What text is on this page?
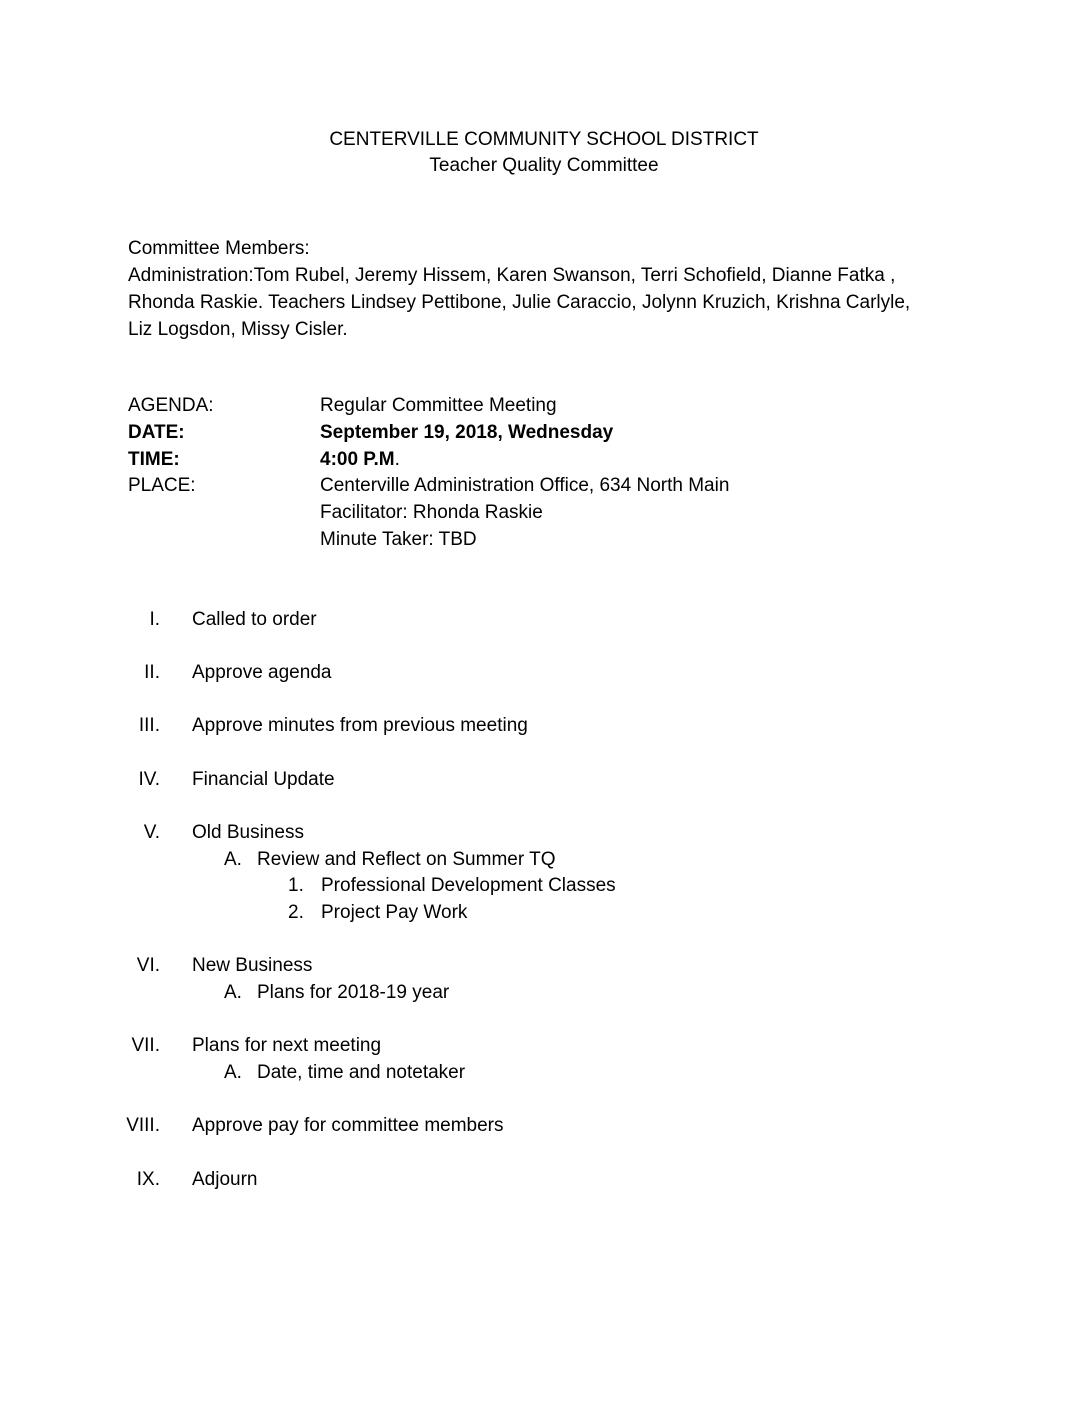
CENTERVILLE COMMUNITY SCHOOL DISTRICT
Teacher Quality Committee
Committee Members:
Administration:Tom Rubel, Jeremy Hissem, Karen Swanson, Terri Schofield, Dianne Fatka ,
Rhonda Raskie. Teachers Lindsey Pettibone, Julie Caraccio, Jolynn Kruzich, Krishna Carlyle,
Liz Logsdon, Missy Cisler.
AGENDA:	Regular Committee Meeting
DATE:	September 19, 2018, Wednesday
TIME:	4:00 P.M.
PLACE:	Centerville Administration Office, 634 North Main
Facilitator: Rhonda Raskie
Minute Taker: TBD
I. Called to order
II. Approve agenda
III. Approve minutes from previous meeting
IV. Financial Update
V. Old Business
A. Review and Reflect on Summer TQ
1. Professional Development Classes
2. Project Pay Work
VI. New Business
A. Plans for 2018-19 year
VII. Plans for next meeting
A. Date, time and notetaker
VIII. Approve pay for committee members
IX. Adjourn
